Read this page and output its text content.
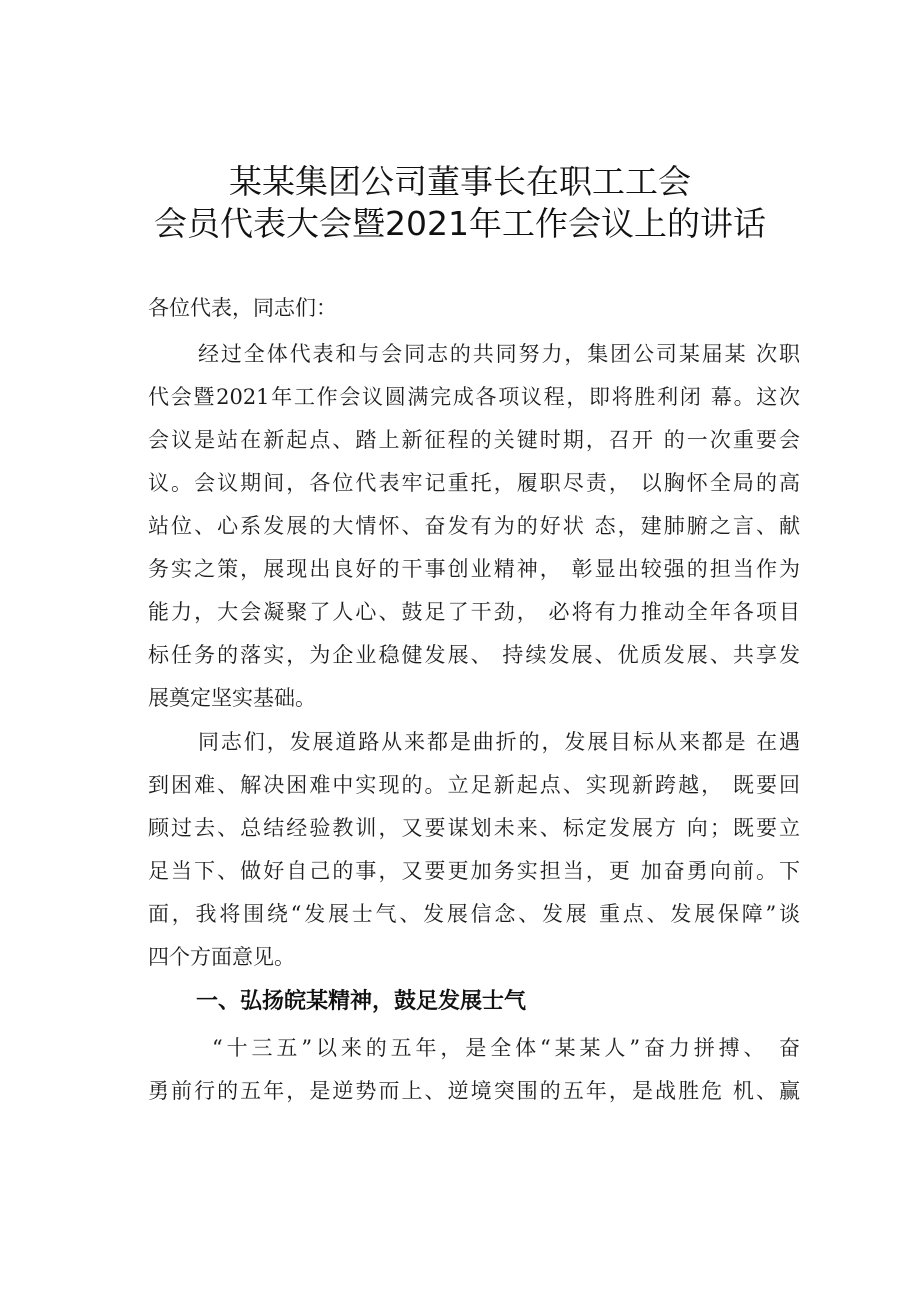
某某集团公司董事长在职工工会
会员代表大会暨2021年工作会议上的讲话
各位代表，同志们：
经过全体代表和与会同志的共同努力，集团公司某届某 次职
代会暨2021年工作会议圆满完成各项议程，即将胜利闭 幕。这次
会议是站在新起点、踏上新征程的关键时期，召开 的一次重要会
议。会议期间，各位代表牢记重托，履职尽责， 以胸怀全局的高
站位、心系发展的大情怀、奋发有为的好状 态，建肺腑之言、献
务实之策，展现出良好的干事创业精神， 彰显出较强的担当作为
能力，大会凝聚了人心、鼓足了干劲， 必将有力推动全年各项目
标任务的落实，为企业稳健发展、 持续发展、优质发展、共享发
展奠定坚实基础。
同志们，发展道路从来都是曲折的，发展目标从来都是 在遇
到困难、解决困难中实现的。立足新起点、实现新跨越， 既要回
顾过去、总结经验教训，又要谋划未来、标定发展方 向；既要立
足当下、做好自己的事，又要更加务实担当，更 加奋勇向前。下
面，我将围绕“发展士气、发展信念、发展 重点、发展保障”谈
四个方面意见。
一、弘扬皖某精神，鼓足发展士气
“十三五”以来的五年，是全体“某某人”奋力拼搏、 奋
勇前行的五年，是逆势而上、逆境突围的五年，是战胜危 机、赢
